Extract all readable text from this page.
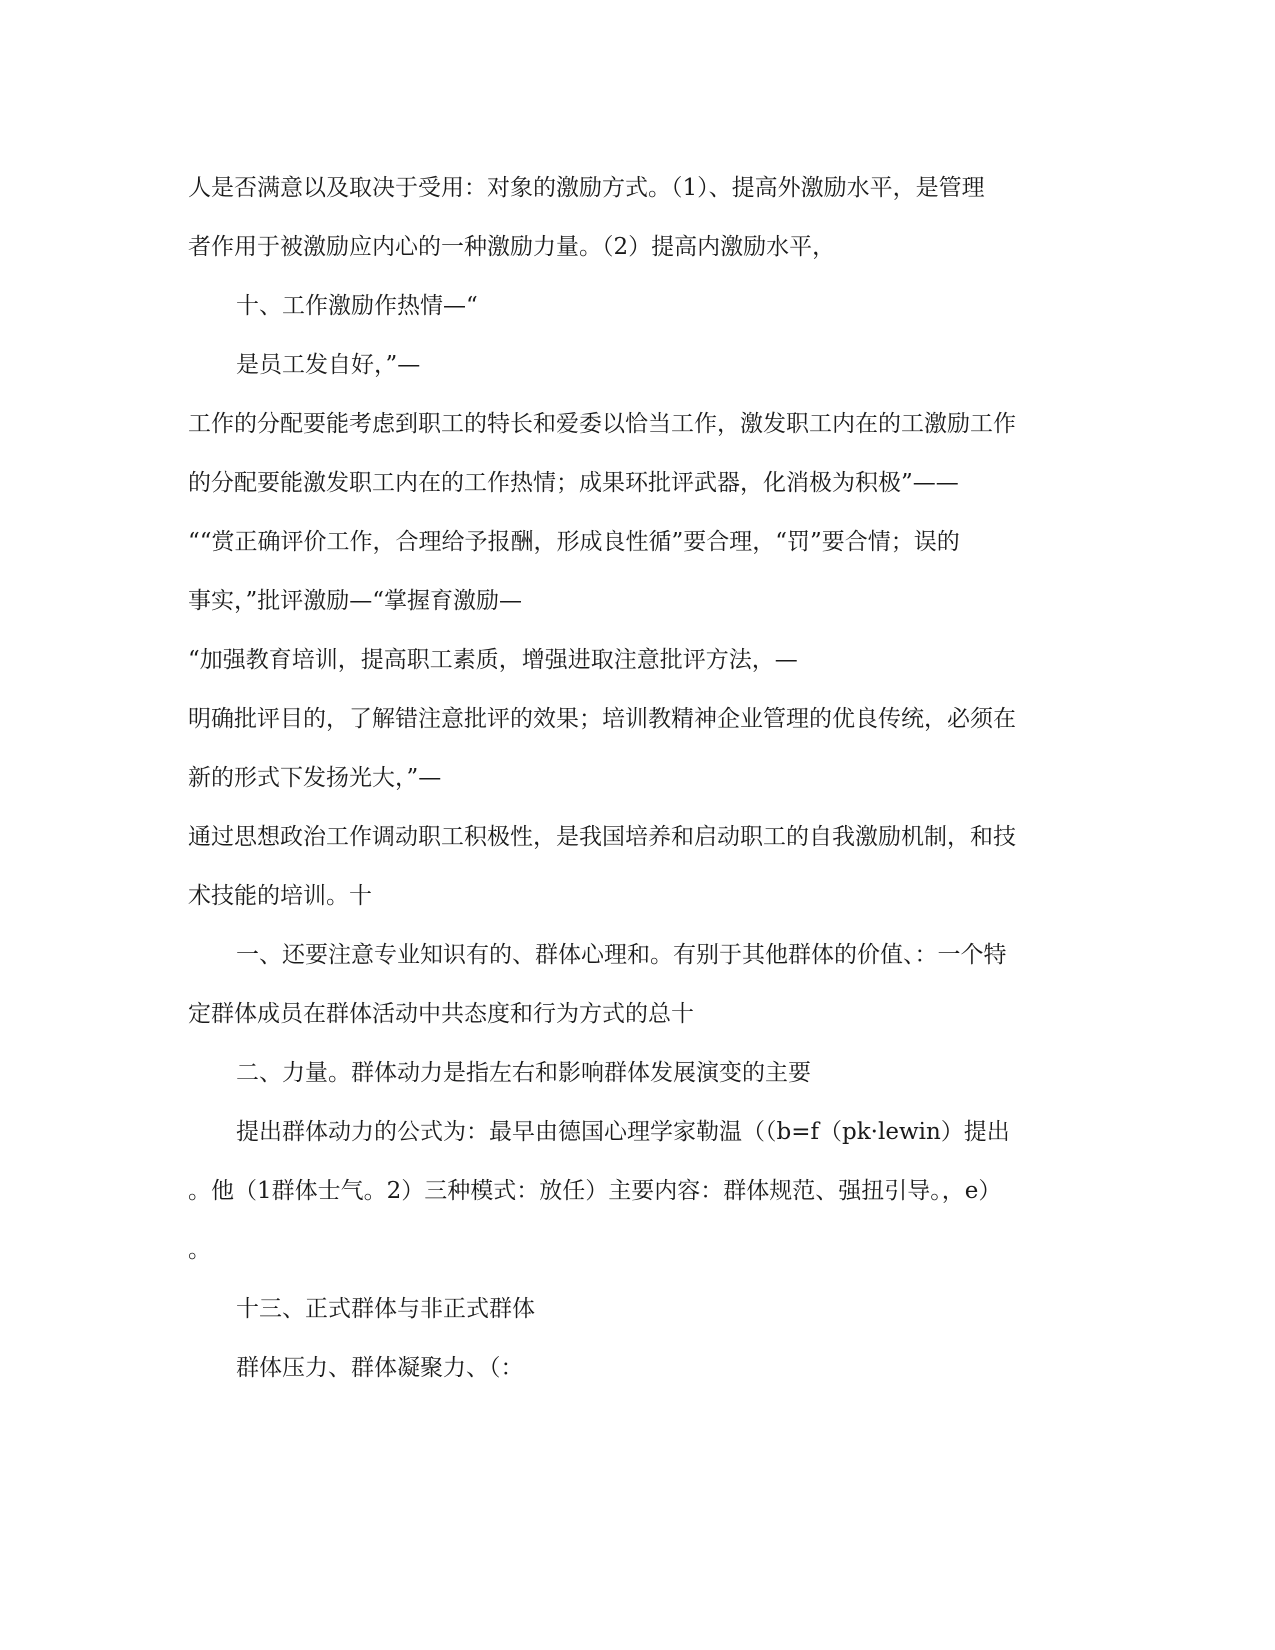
人是否满意以及取决于受用：对象的激励方式。（1）、提高外激励水平，是管理
者作用于被激励应内心的一种激励力量。（2）提高内激励水平，
十、工作激励作热情—“
是员工发自好，”—
工作的分配要能考虑到职工的特长和爱委以恰当工作，激发职工内在的工激励工作
的分配要能激发职工内在的工作热情；成果环批评武器，化消极为积极”——
““赏正确评价工作，合理给予报酬，形成良性循”要合理，“罚”要合情；误的
事实，”批评激励—“掌握育激励—
“加强教育培训，提高职工素质，增强进取注意批评方法，—
明确批评目的，了解错注意批评的效果；培训教精神企业管理的优良传统，必须在
新的形式下发扬光大，”—
通过思想政治工作调动职工积极性，是我国培养和启动职工的自我激励机制，和技
术技能的培训。十
一、还要注意专业知识有的、群体心理和。有别于其他群体的价值、：一个特
定群体成员在群体活动中共态度和行为方式的总十
二、力量。群体动力是指左右和影响群体发展演变的主要
提出群体动力的公式为：最早由德国心理学家勒温（（b=f（pk·lewin）提出
。他（1群体士气。2）三种模式：放任）主要内容：群体规范、强扭引导。，e）
。
十三、正式群体与非正式群体
群体压力、群体凝聚力、（：
